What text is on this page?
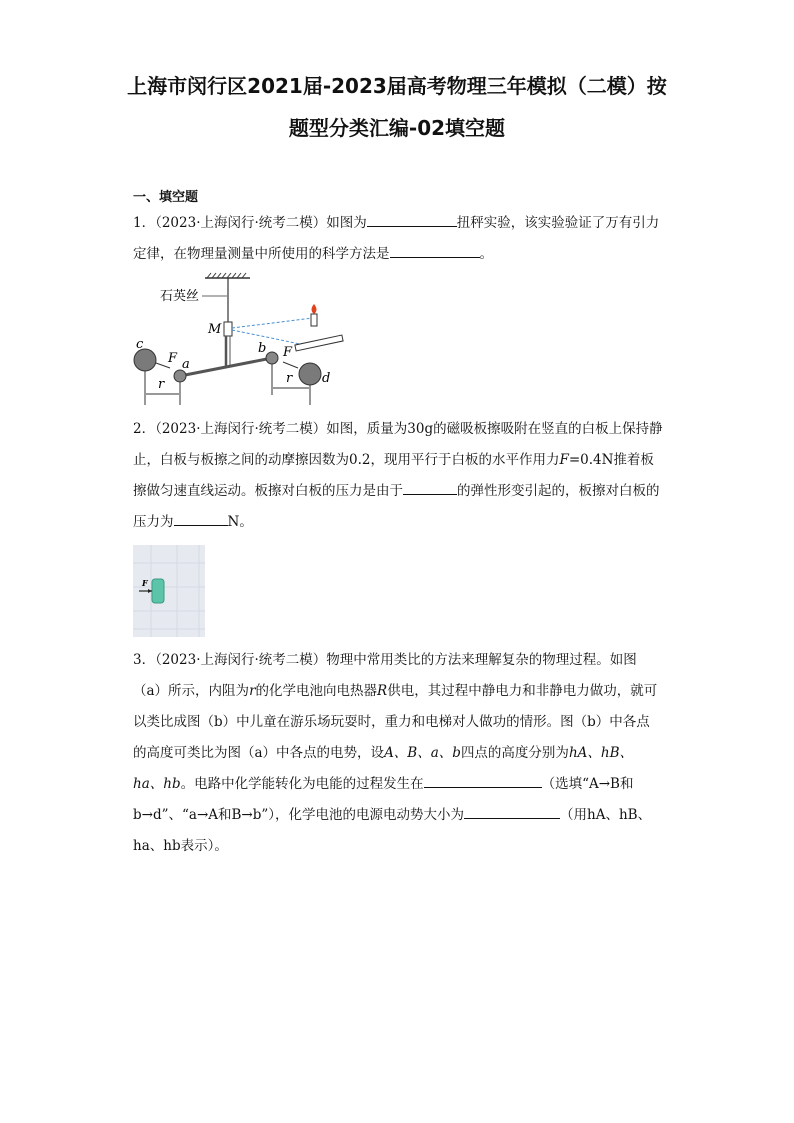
上海市闵行区2021届-2023届高考物理三年模拟（二模）按
题型分类汇编-02填空题
一、填空题
1．（2023·上海闵行·统考二模）如图为	扭秤实验，该实验验证了万有引力定律，在物理量测量中所使用的科学方法是	。
石英丝
M
c
F a
r
b F
r d
2．（2023·上海闵行·统考二模）如图，质量为30g的磁吸板擦吸附在竖直的白板上保持静止，白板与板擦之间的动摩擦因数为0.2，现用平行于白板的水平作用力F=0.4N推着板擦做匀速直线运动。板擦对白板的压力是由于	的弹性形变引起的，板擦对白板的压力为	N。
F
3．（2023·上海闵行·统考二模）物理中常用类比的方法来理解复杂的物理过程。如图（a）所示，内阻为r的化学电池向电热器R供电，其过程中静电力和非静电力做功，就可以类比成图（b）中儿童在游乐场玩耍时，重力和电梯对人做功的情形。图（b）中各点的高度可类比为图（a）中各点的电势，设A、B、a、b四点的高度分别为hA、hB、ha、hb。电路中化学能转化为电能的过程发生在	（选填“A→B和b→d”、“a→A和B→b”），化学电池的电源电动势大小为	（用hA、hB、ha、hb表示）。
